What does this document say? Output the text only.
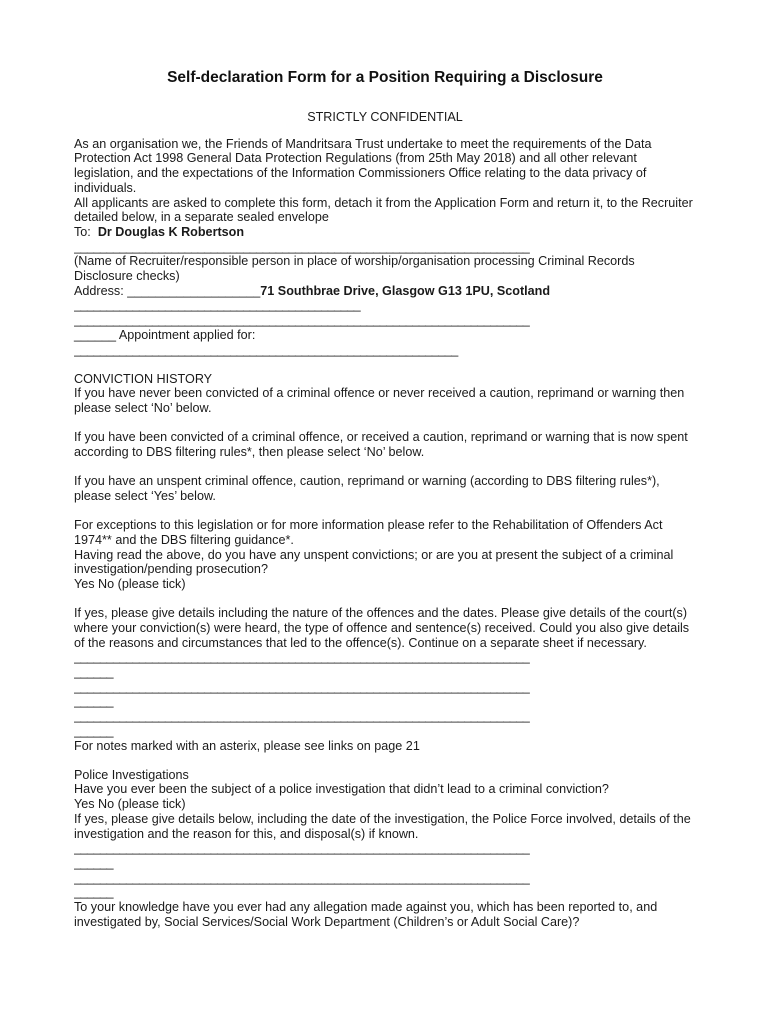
Self-declaration Form for a Position Requiring a Disclosure
STRICTLY CONFIDENTIAL

As an organisation we, the Friends of Mandritsara Trust undertake to meet the requirements of the Data Protection Act 1998 General Data Protection Regulations (from 25th May 2018) and all other relevant legislation, and the expectations of the Information Commissioners Office relating to the data privacy of individuals.

All applicants are asked to complete this form, detach it from the Application Form and return it, to the Recruiter detailed below, in a separate sealed envelope

To: Dr Douglas K Robertson

______________________________________________________________________

(Name of Recruiter/responsible person in place of worship/organisation processing Criminal Records Disclosure checks)

Address: ___________________71 Southbrae Drive, Glasgow G13 1PU, Scotland

____________________________________________
______________________________________________________________________

______ Appointment applied for:

___________________________________________________________

CONVICTION HISTORY

If you have never been convicted of a criminal offence or never received a caution, reprimand or warning then please select ‘No’ below.

If you have been convicted of a criminal offence, or received a caution, reprimand or warning that is now spent according to DBS filtering rules*, then please select ‘No’ below.

If you have an unspent criminal offence, caution, reprimand or warning (according to DBS filtering rules*), please select ‘Yes’ below.

For exceptions to this legislation or for more information please refer to the Rehabilitation of Offenders Act 1974** and the DBS filtering guidance*.

Having read the above, do you have any unspent convictions; or are you at present the subject of a criminal investigation/pending prosecution?

Yes No (please tick)

If yes, please give details including the nature of the offences and the dates. Please give details of the court(s) where your conviction(s) were heard, the type of offence and sentence(s) received. Could you also give details of the reasons and circumstances that led to the offence(s). Continue on a separate sheet if necessary.

______________________________________________________________________
______
______________________________________________________________________
______
______________________________________________________________________
______

For notes marked with an asterix, please see links on page 21

Police Investigations

Have you ever been the subject of a police investigation that didn’t lead to a criminal conviction?

Yes No (please tick)

If yes, please give details below, including the date of the investigation, the Police Force involved, details of the investigation and the reason for this, and disposal(s) if known.

______________________________________________________________________
______
______________________________________________________________________
______

To your knowledge have you ever had any allegation made against you, which has been reported to, and investigated by, Social Services/Social Work Department (Children’s or Adult Social Care)?
